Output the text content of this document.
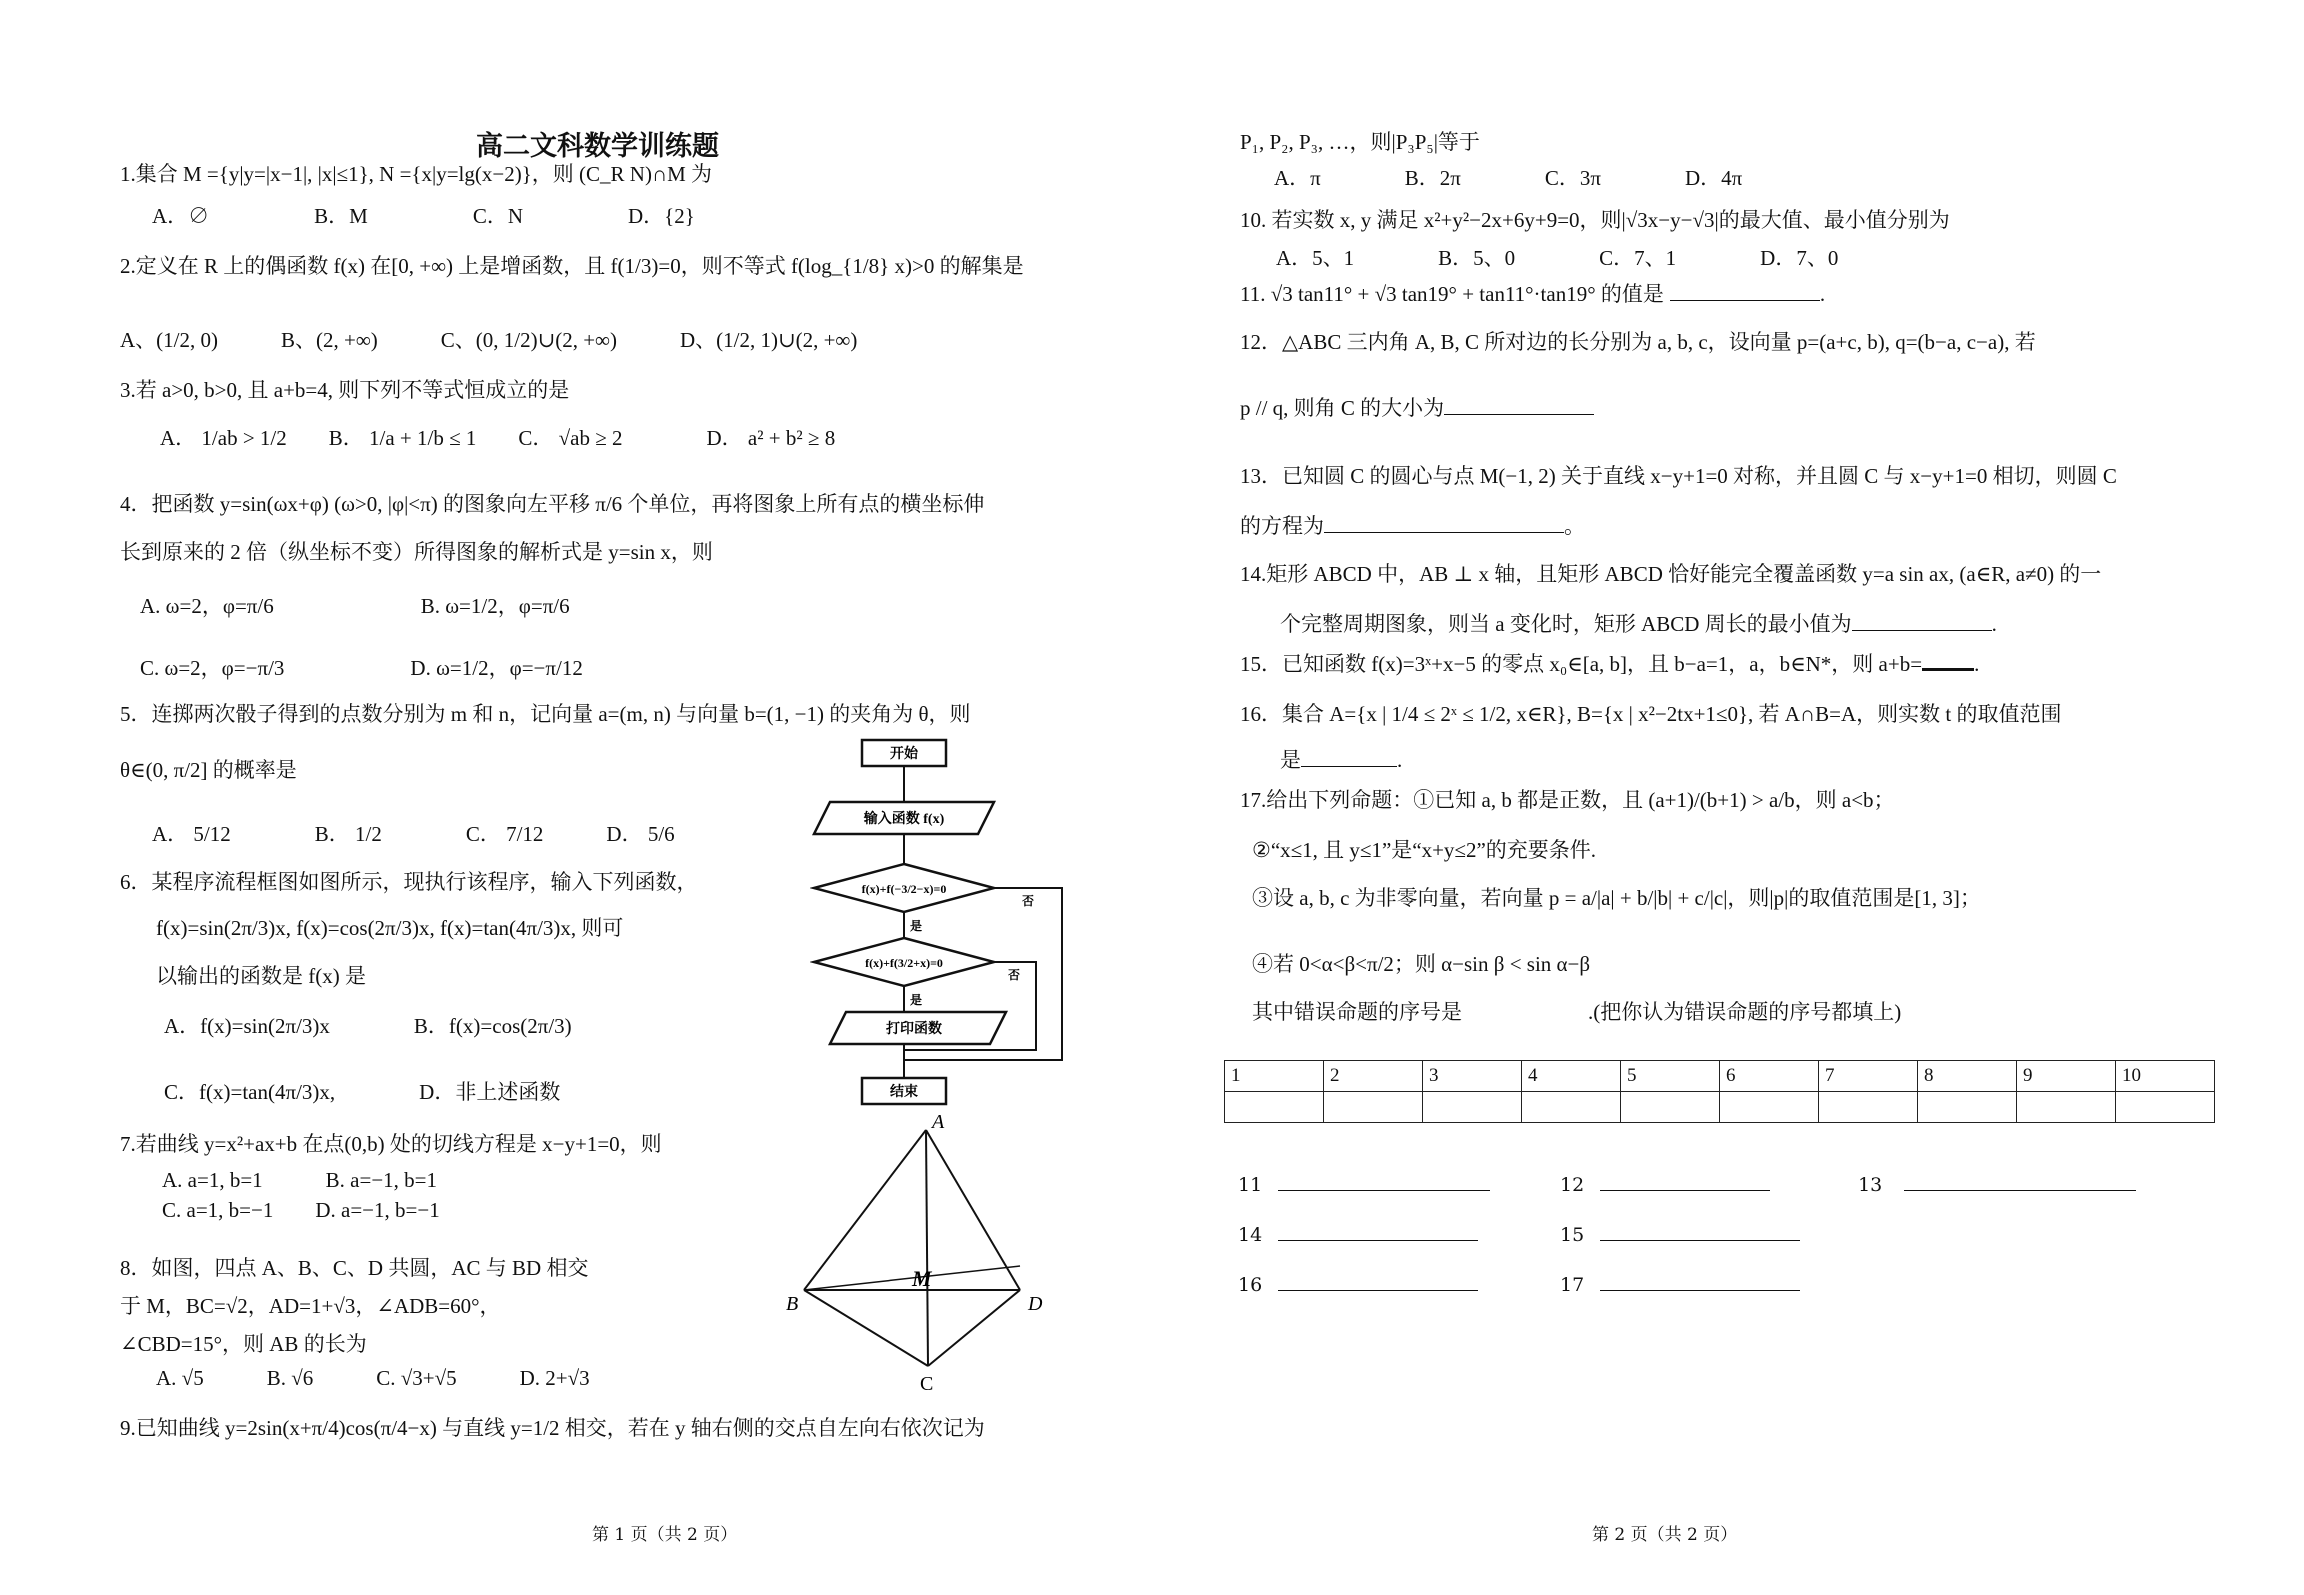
高二文科数学训练题
1.集合 M ={y|y=|x−1|, |x|≤1}, N ={x|y=lg(x−2)}，则 (C_R N)∩M 为
A．∅　　　　　B．M　　　　　C．N　　　　　D．{2}
2.定义在 R 上的偶函数 f(x) 在[0, +∞) 上是增函数，且 f(1/3)=0，则不等式 f(log_{1/8} x)>0 的解集是
A、(1/2, 0)　　　B、(2, +∞)　　　C、(0, 1/2)∪(2, +∞)　　　D、(1/2, 1)∪(2, +∞)
3.若 a>0, b>0, 且 a+b=4, 则下列不等式恒成立的是
A． 1/ab > 1/2　　B． 1/a + 1/b ≤ 1　　C． √ab ≥ 2　　　　D． a² + b² ≥ 8
4．把函数 y=sin(ωx+φ) (ω>0, |φ|<π) 的图象向左平移 π/6 个单位，再将图象上所有点的横坐标伸
长到原来的 2 倍（纵坐标不变）所得图象的解析式是 y=sin x，则
A. ω=2，φ=π/6　　　　　　　B. ω=1/2，φ=π/6
C. ω=2，φ=−π/3　　　　　　D. ω=1/2，φ=−π/12
5．连掷两次骰子得到的点数分别为 m 和 n，记向量 a=(m, n) 与向量 b=(1, −1) 的夹角为 θ，则
θ∈(0, π/2] 的概率是
A． 5/12　　　　B． 1/2　　　　C． 7/12　　　D． 5/6
6．某程序流程框图如图所示，现执行该程序，输入下列函数，
f(x)=sin(2π/3)x, f(x)=cos(2π/3)x, f(x)=tan(4π/3)x, 则可
以输出的函数是 f(x) 是
A．f(x)=sin(2π/3)x　　　　B．f(x)=cos(2π/3)
C．f(x)=tan(4π/3)x,　　　　D．非上述函数
7.若曲线 y=x²+ax+b 在点(0,b) 处的切线方程是 x−y+1=0，则
A. a=1, b=1　　　B. a=−1, b=1
C. a=1, b=−1　　D. a=−1, b=−1
8．如图，四点 A、B、C、D 共圆，AC 与 BD 相交
于 M，BC=√2，AD=1+√3，∠ADB=60°，
∠CBD=15°，则 AB 的长为
A. √5　　　B. √6　　　C. √3+√5　　　D. 2+√3
9.已知曲线 y=2sin(x+π/4)cos(π/4−x) 与直线 y=1/2 相交，若在 y 轴右侧的交点自左向右依次记为
开始
输入函数 f(x)
f(x)+f(−3/2−x)=0
是
f(x)+f(3/2+x)=0
是
打印函数
结束
否
否
A
B
C
D
M
第 1 页（共 2 页）
P₁, P₂, P₃, …，则|P₃P₅|等于
A．π　　　　B．2π　　　　C．3π　　　　D．4π
10. 若实数 x, y 满足 x²+y²−2x+6y+9=0，则|√3x−y−√3|的最大值、最小值分别为
A．5、1　　　　B．5、0　　　　C．7、1　　　　D．7、0
11. √3 tan11° + √3 tan19° + tan11°·tan19° 的值是	.
12．△ABC 三内角 A, B, C 所对边的长分别为 a, b, c，设向量 p=(a+c, b), q=(b−a, c−a), 若
p // q, 则角 C 的大小为
13．已知圆 C 的圆心与点 M(−1, 2) 关于直线 x−y+1=0 对称，并且圆 C 与 x−y+1=0 相切，则圆 C
的方程为	。
14.矩形 ABCD 中，AB ⊥ x 轴，且矩形 ABCD 恰好能完全覆盖函数 y=a sin ax, (a∈R, a≠0) 的一
个完整周期图象，则当 a 变化时，矩形 ABCD 周长的最小值为	.
15．已知函数 f(x)=3ˣ+x−5 的零点 x₀∈[a, b]，且 b−a=1，a，b∈N*，则 a+b= .
16．集合 A={x | 1/4 ≤ 2ˣ ≤ 1/2, x∈R}, B={x | x²−2tx+1≤0}, 若 A∩B=A，则实数 t 的取值范围
是	.
17.给出下列命题：①已知 a, b 都是正数，且 (a+1)/(b+1) > a/b，则 a<b；
②“x≤1, 且 y≤1”是“x+y≤2”的充要条件.
③设 a, b, c 为非零向量，若向量 p = a/|a| + b/|b| + c/|c|，则|p|的取值范围是[1, 3]；
④若 0<α<β<π/2；则 α−sin β < sin α−β
其中错误命题的序号是　　　　　　.(把你认为错误命题的序号都填上)
1	2	3	4	5	6	7	8	9	10

11	12	13
14	15
16	17
第 2 页（共 2 页）
